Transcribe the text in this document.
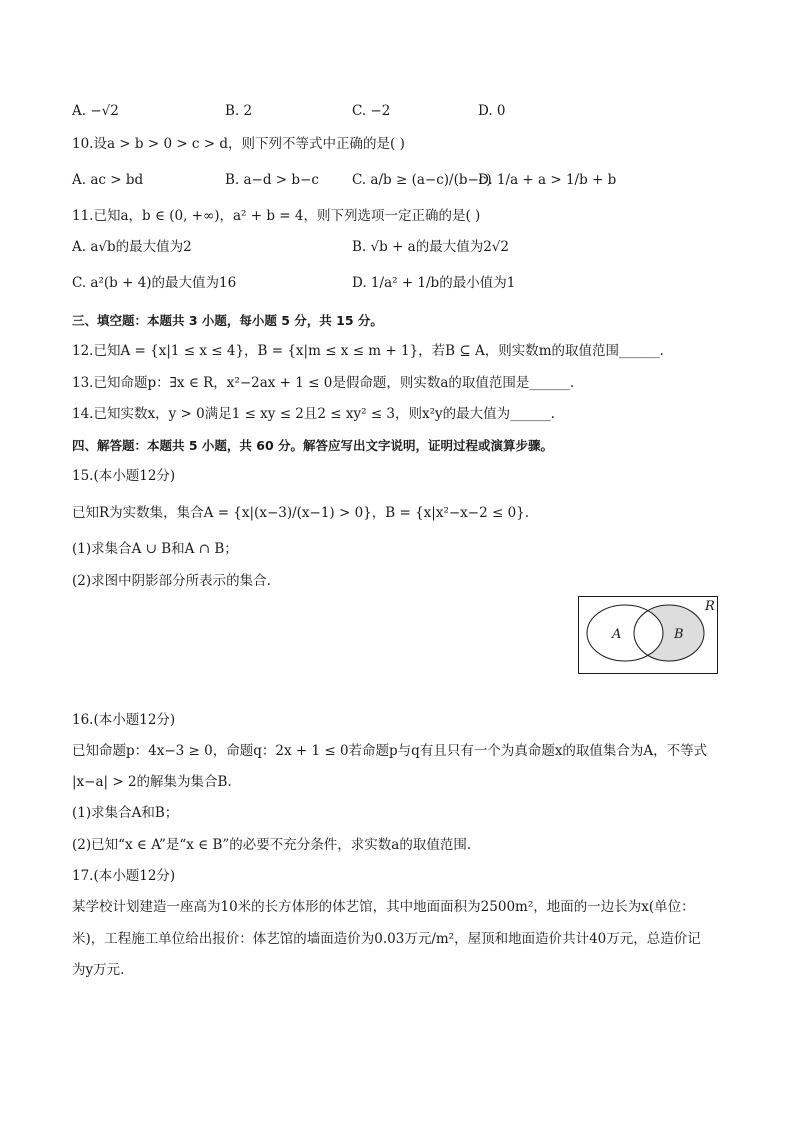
A. −√2	B. 2	C. −2	D. 0
10.设a > b > 0 > c > d，则下列不等式中正确的是( )
A. ac > bd	B. a−d > b−c C. a/b ≥ (a−c)/(b−c)
D. 1/a + a > 1/b + b
11.已知a，b ∈ (0, +∞)，a² + b = 4，则下列选项一定正确的是( )
A. a√b的最大值为2	B. √b + a的最大值为2√2
C. a²(b + 4)的最大值为16	D. 1/a² + 1/b的最小值为1
三、填空题：本题共 3 小题，每小题 5 分，共 15 分。
12.已知A = {x|1 ≤ x ≤ 4}，B = {x|m ≤ x ≤ m + 1}，若B ⊆ A，则实数m的取值范围______.
13.已知命题p：∃x ∈ R，x²−2ax + 1 ≤ 0是假命题，则实数a的取值范围是______.
14.已知实数x，y > 0满足1 ≤ xy ≤ 2且2 ≤ xy² ≤ 3，则x²y的最大值为______.
四、解答题：本题共 5 小题，共 60 分。解答应写出文字说明，证明过程或演算步骤。
15.(本小题12分)
已知R为实数集，集合A = {x|(x−3)/(x−1) > 0}，B = {x|x²−x−2 ≤ 0}.
(1)求集合A ∪ B和A ∩ B；
(2)求图中阴影部分所表示的集合.
R
A	B
16.(本小题12分)
已知命题p：4x−3 ≥ 0，命题q：2x + 1 ≤ 0若命题p与q有且只有一个为真命题x的取值集合为A，不等式
|x−a| > 2的解集为集合B.
(1)求集合A和B；
(2)已知“x ∈ A”是“x ∈ B”的必要不充分条件，求实数a的取值范围.
17.(本小题12分)
某学校计划建造一座高为10米的长方体形的体艺馆，其中地面面积为2500m²，地面的一边长为x(单位：
米)，工程施工单位给出报价：体艺馆的墙面造价为0.03万元/m²，屋顶和地面造价共计40万元，总造价记
为y万元.
